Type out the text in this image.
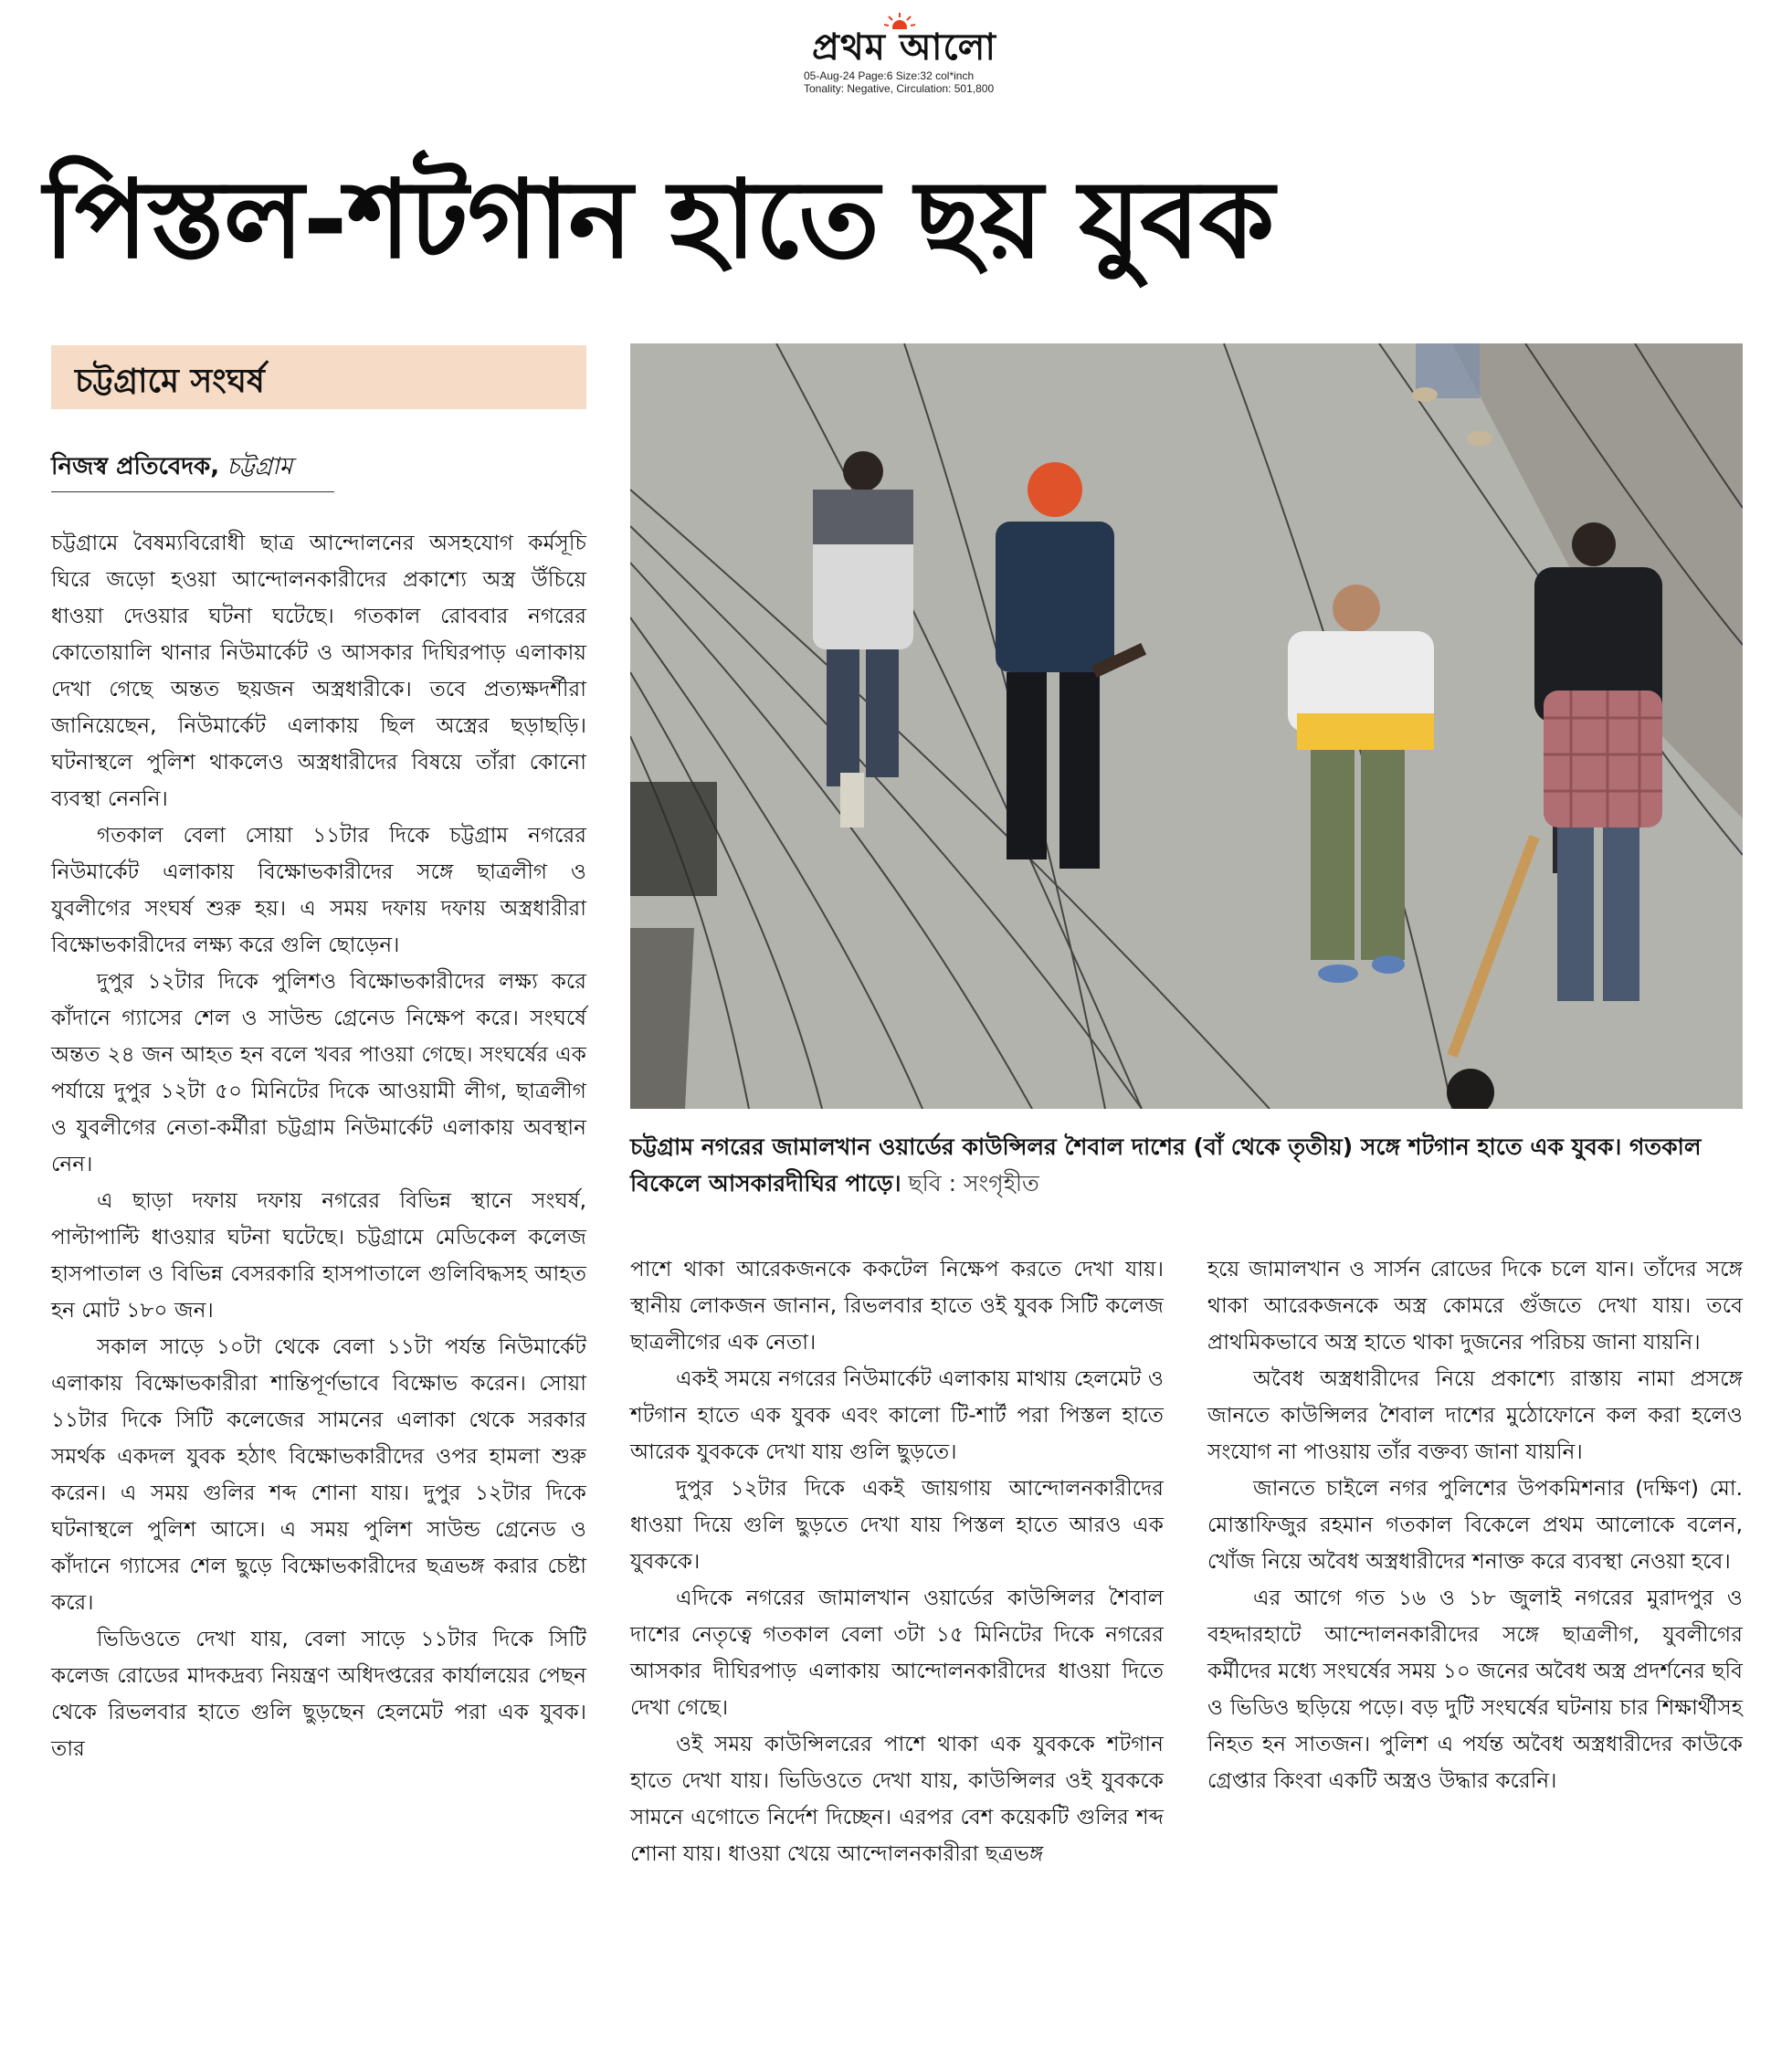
প্রথম আলো
05-Aug-24 Page:6 Size:32 col*inch
Tonality: Negative, Circulation: 501,800
পিস্তল-শটগান হাতে ছয় যুবক
চট্টগ্রামে সংঘর্ষ
নিজস্ব প্রতিবেদক, চট্টগ্রাম

চট্টগ্রামে বৈষম্যবিরোধী ছাত্র আন্দোলনের অসহযোগ কর্মসূচি ঘিরে জড়ো হওয়া আন্দোলনকারীদের প্রকাশ্যে অস্ত্র উঁচিয়ে ধাওয়া দেওয়ার ঘটনা ঘটেছে। গতকাল রোববার নগরের কোতোয়ালি থানার নিউমার্কেট ও আসকার দিঘিরপাড় এলাকায় দেখা গেছে অন্তত ছয়জন অস্ত্রধারীকে। তবে প্রত্যক্ষদর্শীরা জানিয়েছেন, নিউমার্কেট এলাকায় ছিল অস্ত্রের ছড়াছড়ি। ঘটনাস্থলে পুলিশ থাকলেও অস্ত্রধারীদের বিষয়ে তাঁরা কোনো ব্যবস্থা নেননি।

গতকাল বেলা সোয়া ১১টার দিকে চট্টগ্রাম নগরের নিউমার্কেট এলাকায় বিক্ষোভকারীদের সঙ্গে ছাত্রলীগ ও যুবলীগের সংঘর্ষ শুরু হয়। এ সময় দফায় দফায় অস্ত্রধারীরা বিক্ষোভকারীদের লক্ষ্য করে গুলি ছোড়েন।

দুপুর ১২টার দিকে পুলিশও বিক্ষোভকারীদের লক্ষ্য করে কাঁদানে গ্যাসের শেল ও সাউন্ড গ্রেনেড নিক্ষেপ করে। সংঘর্ষে অন্তত ২৪ জন আহত হন বলে খবর পাওয়া গেছে। সংঘর্ষের এক পর্যায়ে দুপুর ১২টা ৫০ মিনিটের দিকে আওয়ামী লীগ, ছাত্রলীগ ও যুবলীগের নেতা-কর্মীরা চট্টগ্রাম নিউমার্কেট এলাকায় অবস্থান নেন।

এ ছাড়া দফায় দফায় নগরের বিভিন্ন স্থানে সংঘর্ষ, পাল্টাপাল্টি ধাওয়ার ঘটনা ঘটেছে। চট্টগ্রামে মেডিকেল কলেজ হাসপাতাল ও বিভিন্ন বেসরকারি হাসপাতালে গুলিবিদ্ধসহ আহত হন মোট ১৮০ জন।

সকাল সাড়ে ১০টা থেকে বেলা ১১টা পর্যন্ত নিউমার্কেট এলাকায় বিক্ষোভকারীরা শান্তিপূর্ণভাবে বিক্ষোভ করেন। সোয়া ১১টার দিকে সিটি কলেজের সামনের এলাকা থেকে সরকার সমর্থক একদল যুবক হঠাৎ বিক্ষোভকারীদের ওপর হামলা শুরু করেন। এ সময় গুলির শব্দ শোনা যায়। দুপুর ১২টার দিকে ঘটনাস্থলে পুলিশ আসে। এ সময় পুলিশ সাউন্ড গ্রেনেড ও কাঁদানে গ্যাসের শেল ছুড়ে বিক্ষোভকারীদের ছত্রভঙ্গ করার চেষ্টা করে।

ভিডিওতে দেখা যায়, বেলা সাড়ে ১১টার দিকে সিটি কলেজ রোডের মাদকদ্রব্য নিয়ন্ত্রণ অধিদপ্তরের কার্যালয়ের পেছন থেকে রিভলবার হাতে গুলি ছুড়ছেন হেলমেট পরা এক যুবক। তার

চট্টগ্রাম নগরের জামালখান ওয়ার্ডের কাউন্সিলর শৈবাল দাশের (বাঁ থেকে তৃতীয়) সঙ্গে শটগান হাতে এক যুবক। গতকাল বিকেলে আসকারদীঘির পাড়ে। ছবি : সংগৃহীত

পাশে থাকা আরেকজনকে ককটেল নিক্ষেপ করতে দেখা যায়। স্থানীয় লোকজন জানান, রিভলবার হাতে ওই যুবক সিটি কলেজ ছাত্রলীগের এক নেতা।

একই সময়ে নগরের নিউমার্কেট এলাকায় মাথায় হেলমেট ও শটগান হাতে এক যুবক এবং কালো টি-শার্ট পরা পিস্তল হাতে আরেক যুবককে দেখা যায় গুলি ছুড়তে।

দুপুর ১২টার দিকে একই জায়গায় আন্দোলনকারীদের ধাওয়া দিয়ে গুলি ছুড়তে দেখা যায় পিস্তল হাতে আরও এক যুবককে।

এদিকে নগরের জামালখান ওয়ার্ডের কাউন্সিলর শৈবাল দাশের নেতৃত্বে গতকাল বেলা ৩টা ১৫ মিনিটের দিকে নগরের আসকার দীঘিরপাড় এলাকায় আন্দোলনকারীদের ধাওয়া দিতে দেখা গেছে।

ওই সময় কাউন্সিলরের পাশে থাকা এক যুবককে শটগান হাতে দেখা যায়। ভিডিওতে দেখা যায়, কাউন্সিলর ওই যুবককে সামনে এগোতে নির্দেশ দিচ্ছেন। এরপর বেশ কয়েকটি গুলির শব্দ শোনা যায়। ধাওয়া খেয়ে আন্দোলনকারীরা ছত্রভঙ্গ

হয়ে জামালখান ও সার্সন রোডের দিকে চলে যান। তাঁদের সঙ্গে থাকা আরেকজনকে অস্ত্র কোমরে গুঁজতে দেখা যায়। তবে প্রাথমিকভাবে অস্ত্র হাতে থাকা দুজনের পরিচয় জানা যায়নি।

অবৈধ অস্ত্রধারীদের নিয়ে প্রকাশ্যে রাস্তায় নামা প্রসঙ্গে জানতে কাউন্সিলর শৈবাল দাশের মুঠোফোনে কল করা হলেও সংযোগ না পাওয়ায় তাঁর বক্তব্য জানা যায়নি।

জানতে চাইলে নগর পুলিশের উপকমিশনার (দক্ষিণ) মো. মোস্তাফিজুর রহমান গতকাল বিকেলে প্রথম আলোকে বলেন, খোঁজ নিয়ে অবৈধ অস্ত্রধারীদের শনাক্ত করে ব্যবস্থা নেওয়া হবে।

এর আগে গত ১৬ ও ১৮ জুলাই নগরের মুরাদপুর ও বহদ্দারহাটে আন্দোলনকারীদের সঙ্গে ছাত্রলীগ, যুবলীগের কর্মীদের মধ্যে সংঘর্ষের সময় ১০ জনের অবৈধ অস্ত্র প্রদর্শনের ছবি ও ভিডিও ছড়িয়ে পড়ে। বড় দুটি সংঘর্ষের ঘটনায় চার শিক্ষার্থীসহ নিহত হন সাতজন। পুলিশ এ পর্যন্ত অবৈধ অস্ত্রধারীদের কাউকে গ্রেপ্তার কিংবা একটি অস্ত্রও উদ্ধার করেনি।
